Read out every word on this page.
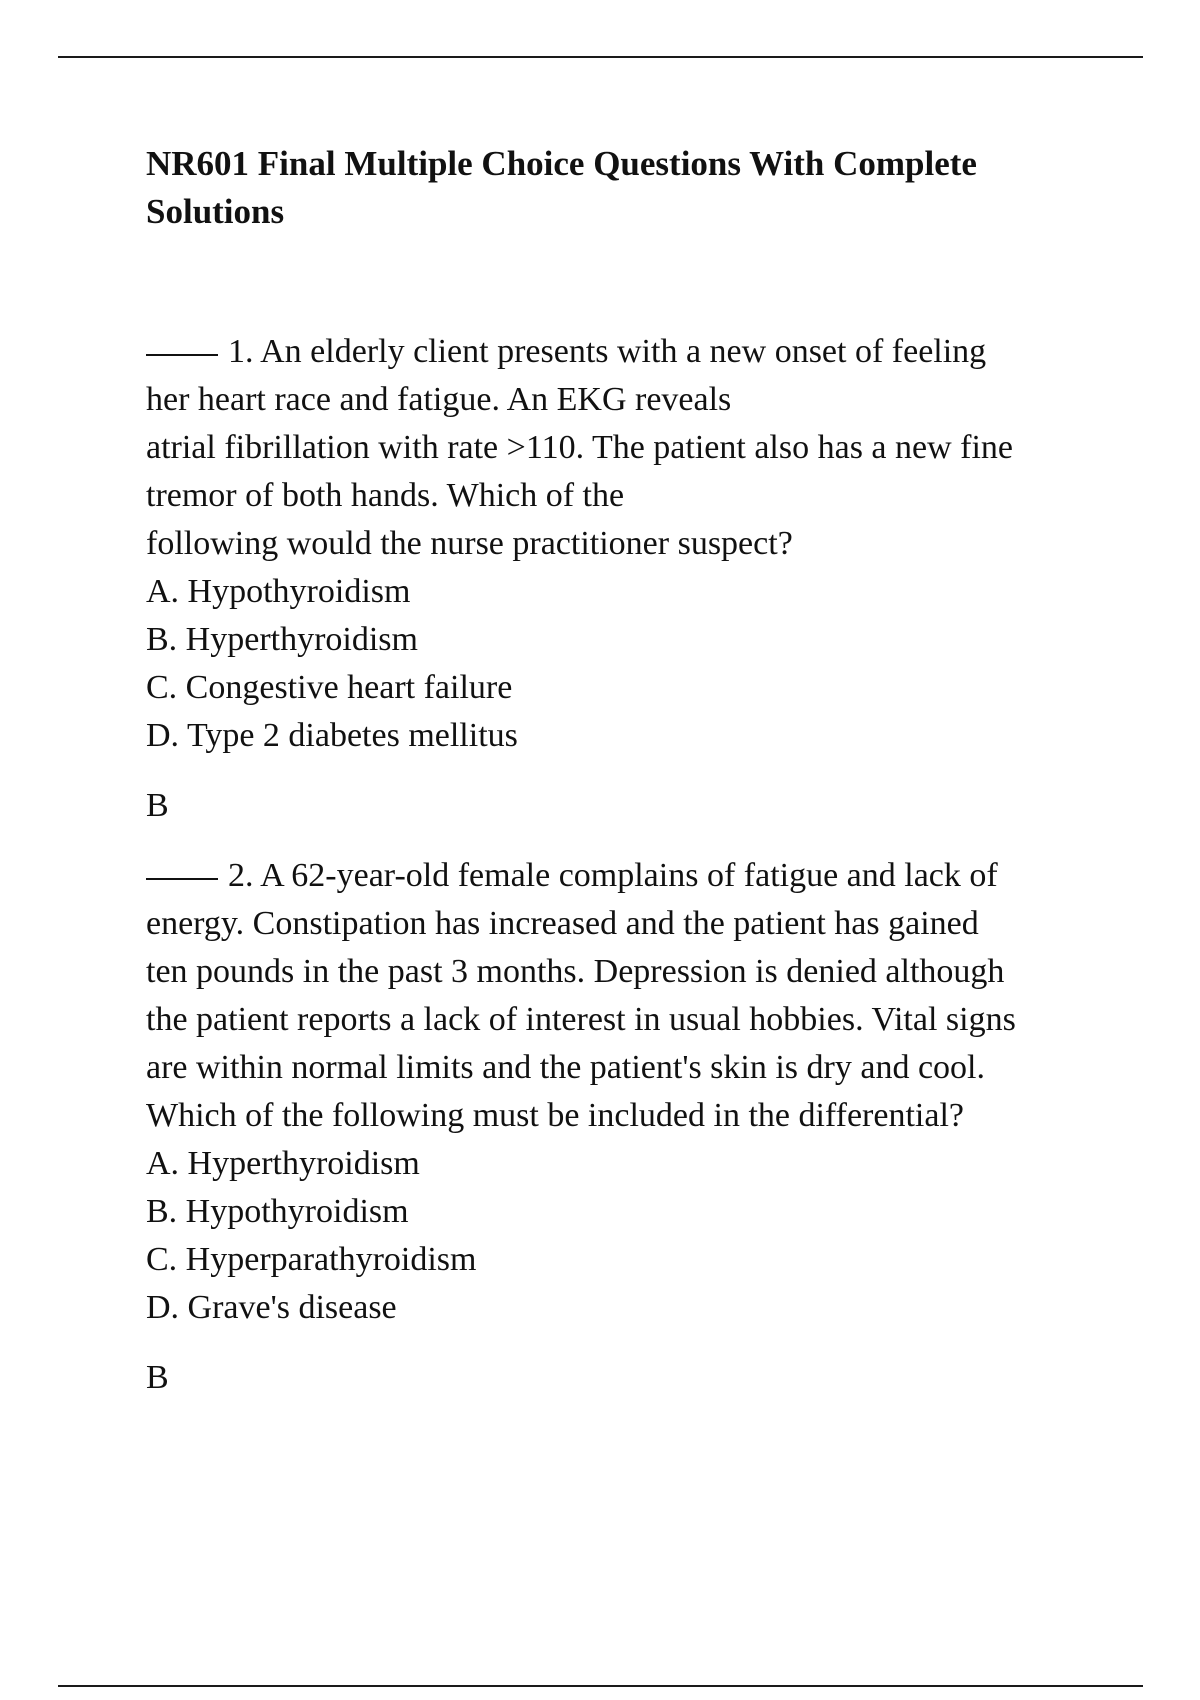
NR601 Final Multiple Choice Questions With Complete
Solutions
1. An elderly client presents with a new onset of feeling
her heart race and fatigue. An EKG reveals
atrial fibrillation with rate >110. The patient also has a new fine
tremor of both hands. Which of the
following would the nurse practitioner suspect?
A. Hypothyroidism
B. Hyperthyroidism
C. Congestive heart failure
D. Type 2 diabetes mellitus
B
2. A 62-year-old female complains of fatigue and lack of
energy. Constipation has increased and the patient has gained
ten pounds in the past 3 months. Depression is denied although
the patient reports a lack of interest in usual hobbies. Vital signs
are within normal limits and the patient's skin is dry and cool.
Which of the following must be included in the differential?
A. Hyperthyroidism
B. Hypothyroidism
C. Hyperparathyroidism
D. Grave's disease
B
